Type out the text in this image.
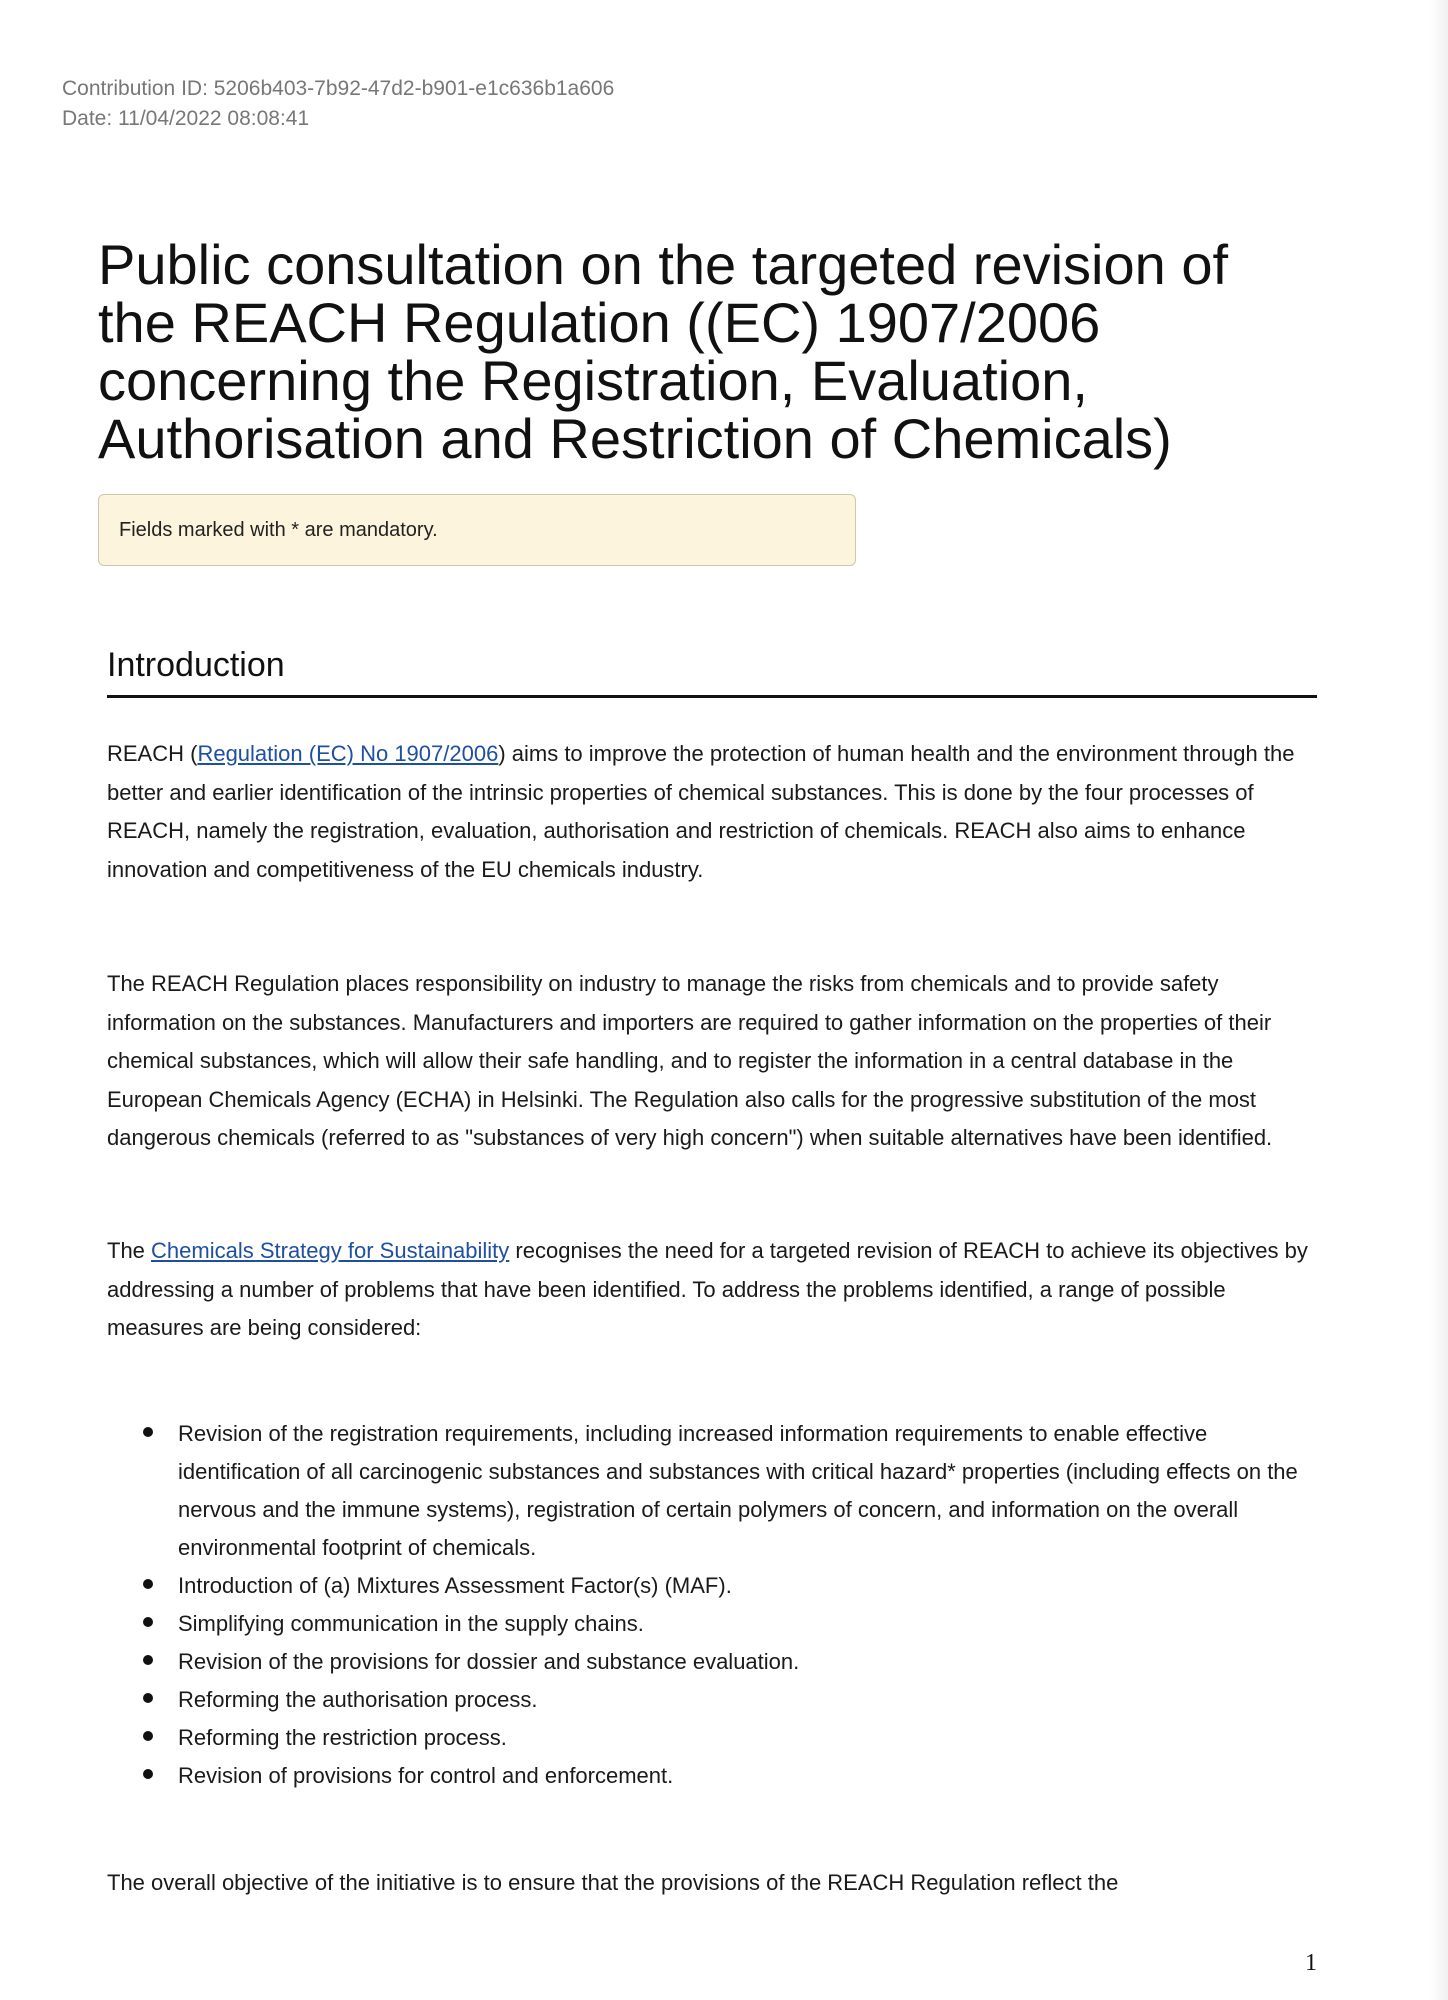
Contribution ID: 5206b403-7b92-47d2-b901-e1c636b1a606
Date: 11/04/2022 08:08:41
Public consultation on the targeted revision of
the REACH Regulation ((EC) 1907/2006
concerning the Registration, Evaluation,
Authorisation and Restriction of Chemicals)
Fields marked with * are mandatory.
Introduction

REACH (Regulation (EC) No 1907/2006) aims to improve the protection of human health and the environment through the better and earlier identification of the intrinsic properties of chemical substances. This is done by the four processes of REACH, namely the registration, evaluation, authorisation and restriction of chemicals. REACH also aims to enhance innovation and competitiveness of the EU chemicals industry.

The REACH Regulation places responsibility on industry to manage the risks from chemicals and to provide safety information on the substances. Manufacturers and importers are required to gather information on the properties of their chemical substances, which will allow their safe handling, and to register the information in a central database in the European Chemicals Agency (ECHA) in Helsinki. The Regulation also calls for the progressive substitution of the most dangerous chemicals (referred to as "substances of very high concern") when suitable alternatives have been identified.

The Chemicals Strategy for Sustainability recognises the need for a targeted revision of REACH to achieve its objectives by addressing a number of problems that have been identified. To address the problems identified, a range of possible measures are being considered:

Revision of the registration requirements, including increased information requirements to enable effective identification of all carcinogenic substances and substances with critical hazard* properties (including effects on the nervous and the immune systems), registration of certain polymers of concern, and information on the overall environmental footprint of chemicals.
Introduction of (a) Mixtures Assessment Factor(s) (MAF).
Simplifying communication in the supply chains.
Revision of the provisions for dossier and substance evaluation.
Reforming the authorisation process.
Reforming the restriction process.
Revision of provisions for control and enforcement.

The overall objective of the initiative is to ensure that the provisions of the REACH Regulation reflect the

1
